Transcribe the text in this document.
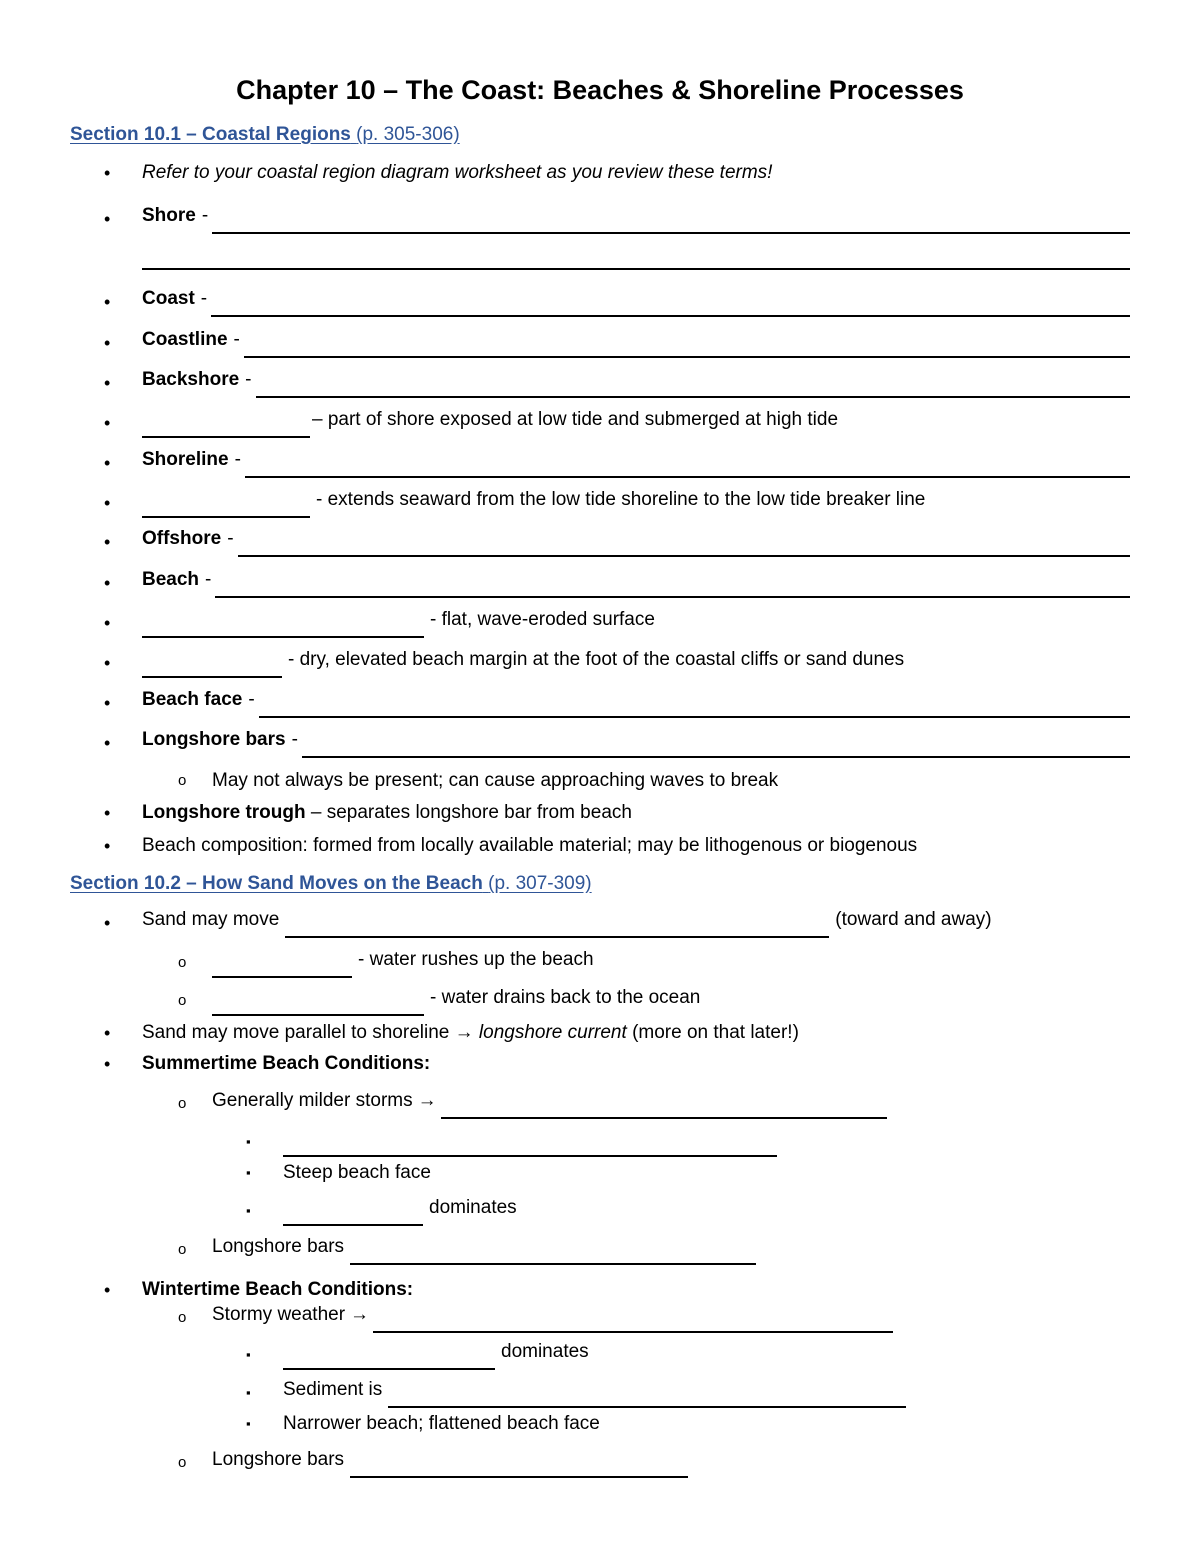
Chapter 10 – The Coast: Beaches & Shoreline Processes
Section 10.1 – Coastal Regions (p. 305-306)
• Refer to your coastal region diagram worksheet as you review these terms!
• Shore -
• Coast -
• Coastline -
• Backshore -
•	– part of shore exposed at low tide and submerged at high tide
• Shoreline -
•	- extends seaward from the low tide shoreline to the low tide breaker line
• Offshore -
• Beach -
•	- flat, wave-eroded surface
•	- dry, elevated beach margin at the foot of the coastal cliffs or sand dunes
• Beach face -
• Longshore bars -
o May not always be present; can cause approaching waves to break
• Longshore trough
– separates longshore bar from beach
• Beach composition: formed from locally available material; may be lithogenous or biogenous
Section 10.2 – How Sand Moves on the Beach (p. 307-309)
• Sand may move	(toward and away)
o	- water rushes up the beach
o	- water drains back to the ocean
• Sand may move parallel to shoreline
→
longshore current
(more on that later!)
• Summertime Beach Conditions:
o Generally milder storms →
▪
▪ Steep beach face
▪	dominates
o Longshore bars
• Wintertime Beach Conditions:
o Stormy weather →
▪	dominates
▪ Sediment is
▪ Narrower beach; flattened beach face
o Longshore bars
